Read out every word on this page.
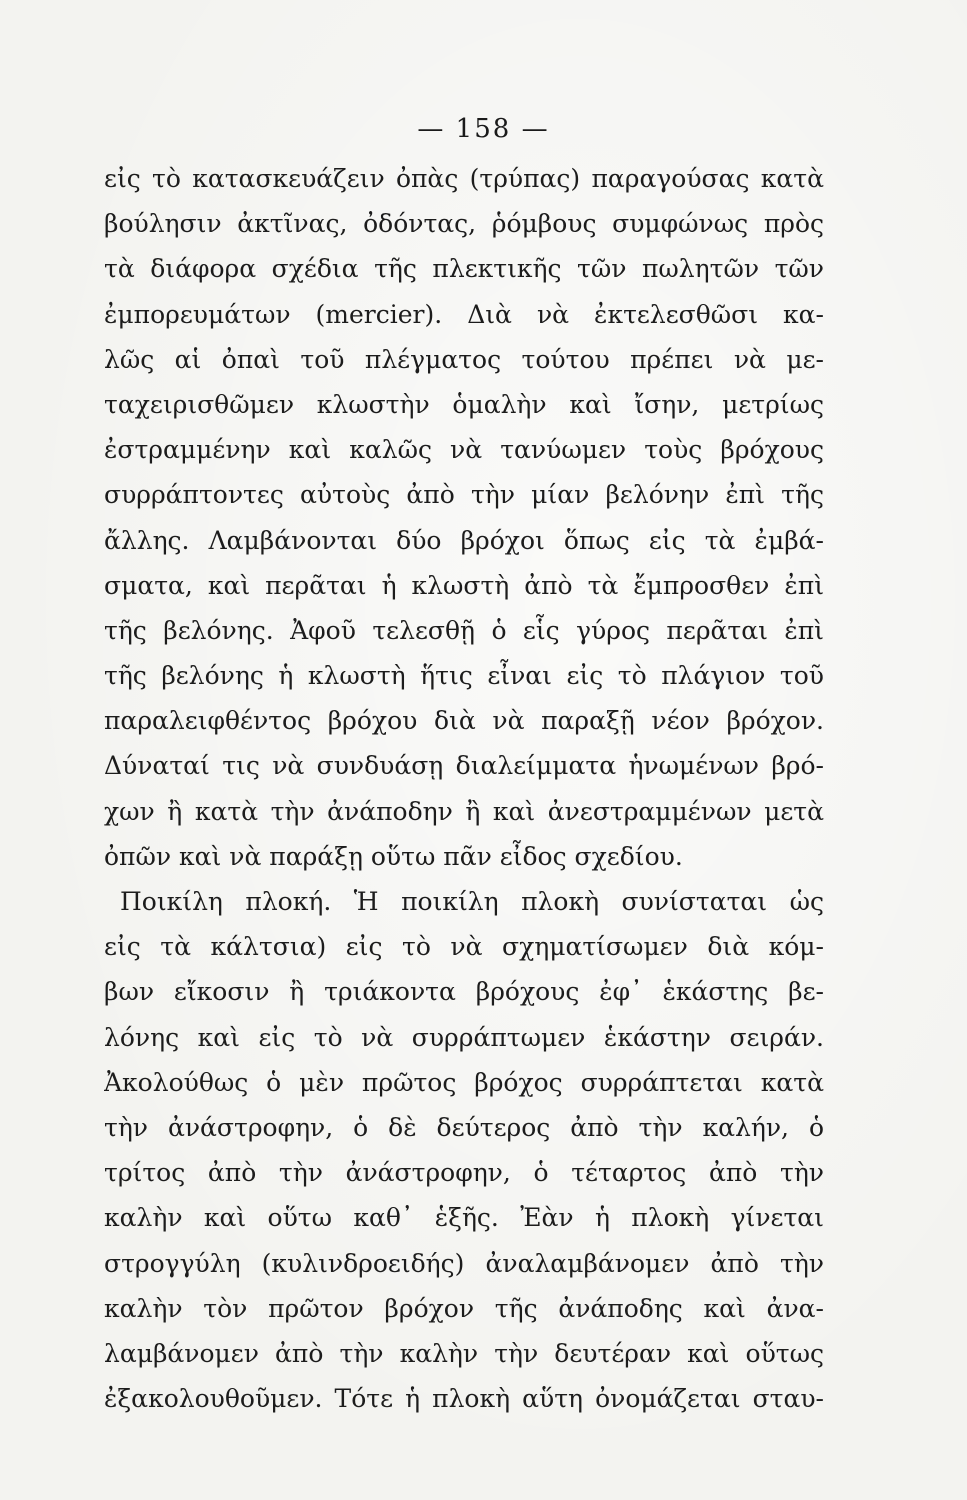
— 158 —
εἰς τὸ κατασκευάζειν ὀπὰς (τρύπας) παραγούσας κατὰ
βούλησιν ἀκτῖνας, ὀδόντας, ῥόμβους συμφώνως πρὸς
τὰ διάφορα σχέδια τῆς πλεκτικῆς τῶν πωλητῶν τῶν
ἐμπορευμάτων (mercier). Διὰ νὰ ἐκτελεσθῶσι κα-
λῶς αἱ ὀπαὶ τοῦ πλέγματος τούτου πρέπει νὰ με-
ταχειρισθῶμεν κλωστὴν ὁμαλὴν καὶ ἴσην, μετρίως
ἐστραμμένην καὶ καλῶς νὰ τανύωμεν τοὺς βρόχους
συρράπτοντες αὐτοὺς ἀπὸ τὴν μίαν βελόνην ἐπὶ τῆς
ἄλλης. Λαμβάνονται δύο βρόχοι ὅπως εἰς τὰ ἐμβά-
σματα, καὶ περᾶται ἡ κλωστὴ ἀπὸ τὰ ἔμπροσθεν ἐπὶ
τῆς βελόνης. Ἀφοῦ τελεσθῇ ὁ εἷς γύρος περᾶται ἐπὶ
τῆς βελόνης ἡ κλωστὴ ἥτις εἶναι εἰς τὸ πλάγιον τοῦ
παραλειφθέντος βρόχου διὰ νὰ παραξῇ νέον βρόχον.
Δύναταί τις νὰ συνδυάσῃ διαλείμματα ἡνωμένων βρό-
χων ἢ κατὰ τὴν ἀνάποδην ἢ καὶ ἀνεστραμμένων μετὰ
ὀπῶν καὶ νὰ παράξῃ οὕτω πᾶν εἶδος σχεδίου.
Ποικίλη πλοκή. Ἡ ποικίλη πλοκὴ συνίσταται ὡς
εἰς τὰ κάλτσια) εἰς τὸ νὰ σχηματίσωμεν διὰ κόμ-
βων εἴκοσιν ἢ τριάκοντα βρόχους ἐφ᾽ ἑκάστης βε-
λόνης καὶ εἰς τὸ νὰ συρράπτωμεν ἑκάστην σειράν.
Ἀκολούθως ὁ μὲν πρῶτος βρόχος συρράπτεται κατὰ
τὴν ἀνάστροφην, ὁ δὲ δεύτερος ἀπὸ τὴν καλήν, ὁ
τρίτος ἀπὸ τὴν ἀνάστροφην, ὁ τέταρτος ἀπὸ τὴν
καλὴν καὶ οὕτω καθ᾽ ἑξῆς. Ἐὰν ἡ πλοκὴ γίνεται
στρογγύλη (κυλινδροειδής) ἀναλαμβάνομεν ἀπὸ τὴν
καλὴν τὸν πρῶτον βρόχον τῆς ἀνάποδης καὶ ἀνα-
λαμβάνομεν ἀπὸ τὴν καλὴν τὴν δευτέραν καὶ οὕτως
ἐξακολουθοῦμεν. Τότε ἡ πλοκὴ αὕτη ὀνομάζεται σταυ-
